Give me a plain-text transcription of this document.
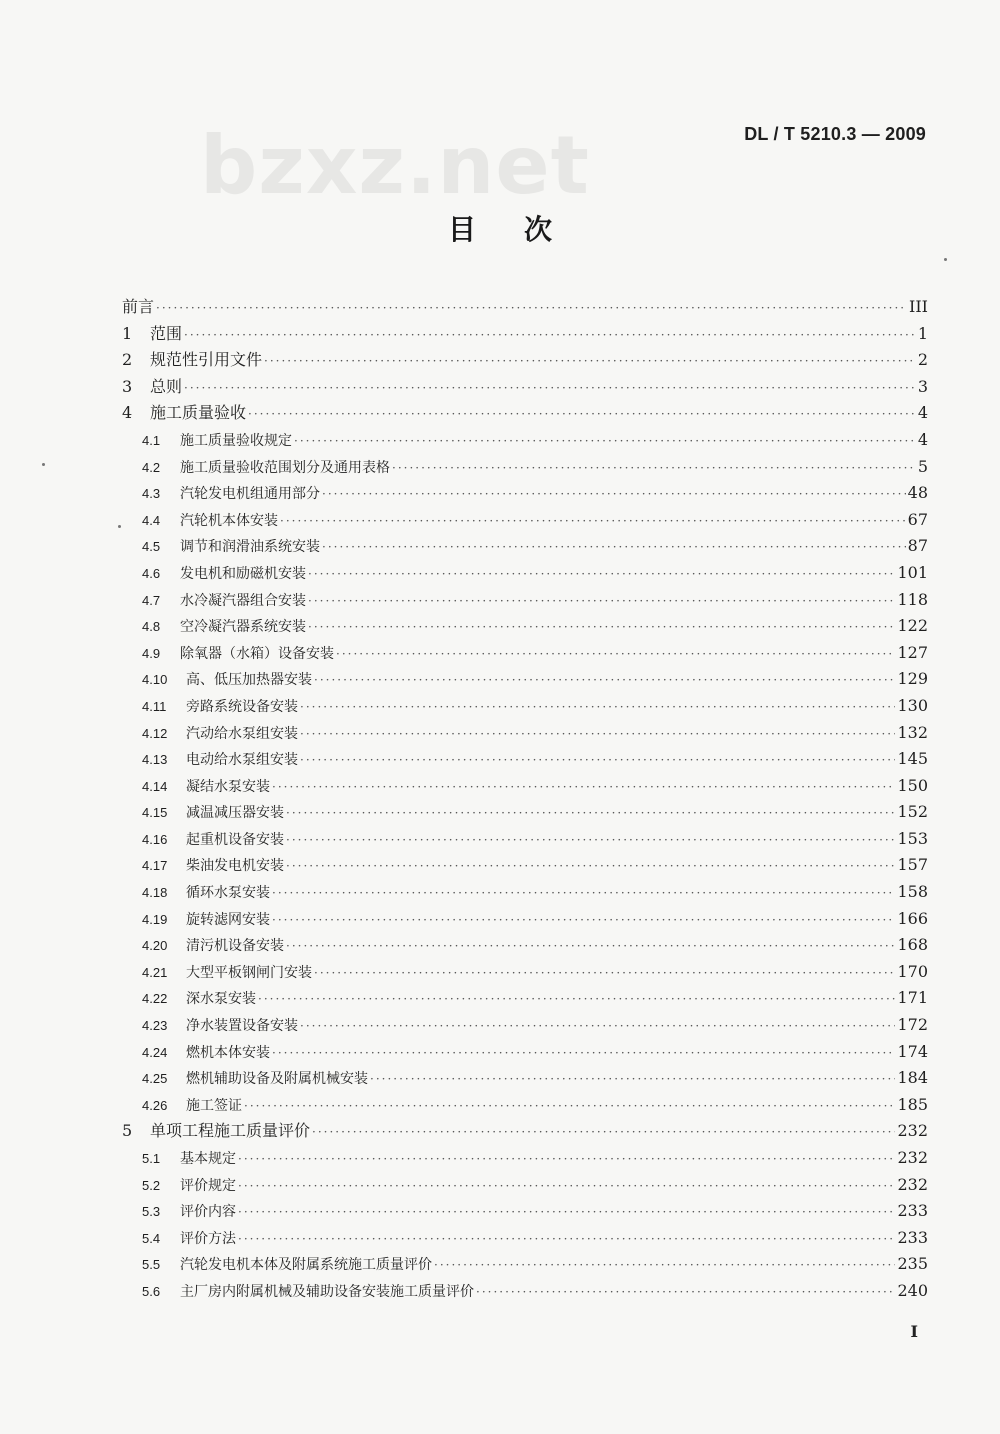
bzxz.net	DL / T 5210.3 — 2009
目次
前言 ·····	III
1	范围 ·····	1
2	规范性引用文件 ·····	2
3	总则 ·····	3
4	施工质量验收 ·····	4
4.1	施工质量验收规定 ·····	4
4.2	施工质量验收范围划分及通用表格 ·····	5
4.3	汽轮发电机组通用部分 ·····	48
4.4	汽轮机本体安装 ·····	67
4.5	调节和润滑油系统安装 ·····	87
4.6	发电机和励磁机安装 ·····	101
4.7	水冷凝汽器组合安装 ·····	118
4.8	空冷凝汽器系统安装 ·····	122
4.9	除氧器（水箱）设备安装 ·····	127
4.10	高、低压加热器安装 ·····	129
4.11	旁路系统设备安装 ·····	130
4.12	汽动给水泵组安装 ·····	132
4.13	电动给水泵组安装 ·····	145
4.14	凝结水泵安装 ·····	150
4.15	减温减压器安装 ·····	152
4.16	起重机设备安装 ·····	153
4.17	柴油发电机安装 ·····	157
4.18	循环水泵安装 ·····	158
4.19	旋转滤网安装 ·····	166
4.20	清污机设备安装 ·····	168
4.21	大型平板钢闸门安装 ·····	170
4.22	深水泵安装 ·····	171
4.23	净水装置设备安装 ·····	172
4.24	燃机本体安装 ·····	174
4.25	燃机辅助设备及附属机械安装 ·····	184
4.26	施工签证 ·····	185
5	单项工程施工质量评价 ·····	232
5.1	基本规定 ·····	232
5.2	评价规定 ·····	232
5.3	评价内容 ·····	233
5.4	评价方法 ·····	233
5.5	汽轮发电机本体及附属系统施工质量评价 ·····	235
5.6	主厂房内附属机械及辅助设备安装施工质量评价 ·····	240
I
